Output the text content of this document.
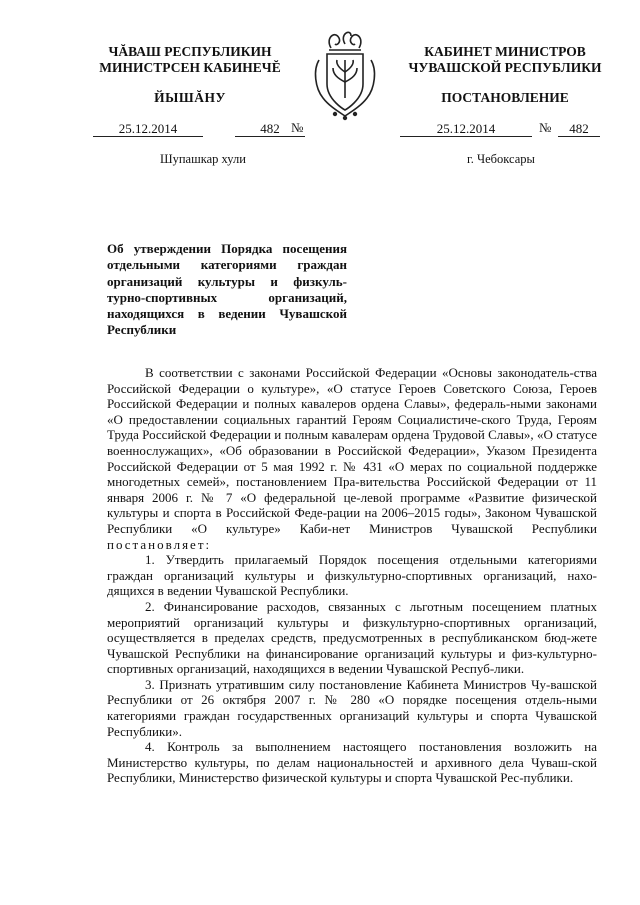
ЧĂВАШ РЕСПУБЛИКИН
МИНИСТРСЕН КАБИНЕЧĔ
КАБИНЕТ МИНИСТРОВ
ЧУВАШСКОЙ РЕСПУБЛИКИ
ЙЫШĂНУ	ПОСТАНОВЛЕНИЕ
25.12.2014	482 №	25.12.2014	№	482
Шупашкар хули	г. Чебоксары
Об утверждении Порядка посещения отдельными категориями граждан организаций культуры и физкуль-турно-спортивных организаций, находящихся в ведении Чувашской Республики

В соответствии с законами Российской Федерации «Основы законодатель-ства Российской Федерации о культуре», «О статусе Героев Советского Союза, Героев Российской Федерации и полных кавалеров ордена Славы», федераль-ными законами «О предоставлении социальных гарантий Героям Социалистиче-ского Труда, Героям Труда Российской Федерации и полным кавалерам ордена Трудовой Славы», «О статусе военнослужащих», «Об образовании в Российской Федерации», Указом Президента Российской Федерации от 5 мая 1992 г. № 431 «О мерах по социальной поддержке многодетных семей», постановлением Пра-вительства Российской Федерации от 11 января 2006 г. № 7 «О федеральной це-левой программе «Развитие физической культуры и спорта в Российской Феде-рации на 2006–2015 годы», Законом Чувашской Республики «О культуре» Каби-нет Министров Чувашской Республики постановляет:

1. Утвердить прилагаемый Порядок посещения отдельными категориями граждан организаций культуры и физкультурно-спортивных организаций, нахо-дящихся в ведении Чувашской Республики.

2. Финансирование расходов, связанных с льготным посещением платных мероприятий организаций культуры и физкультурно-спортивных организаций, осуществляется в пределах средств, предусмотренных в республиканском бюд-жете Чувашской Республики на финансирование организаций культуры и физ-культурно-спортивных организаций, находящихся в ведении Чувашской Респуб-лики.

3. Признать утратившим силу постановление Кабинета Министров Чу-вашской Республики от 26 октября 2007 г. № 280 «О порядке посещения отдель-ными категориями граждан государственных организаций культуры и спорта Чувашской Республики».

4. Контроль за выполнением настоящего постановления возложить на Министерство культуры, по делам национальностей и архивного дела Чуваш-ской Республики, Министерство физической культуры и спорта Чувашской Рес-публики.
